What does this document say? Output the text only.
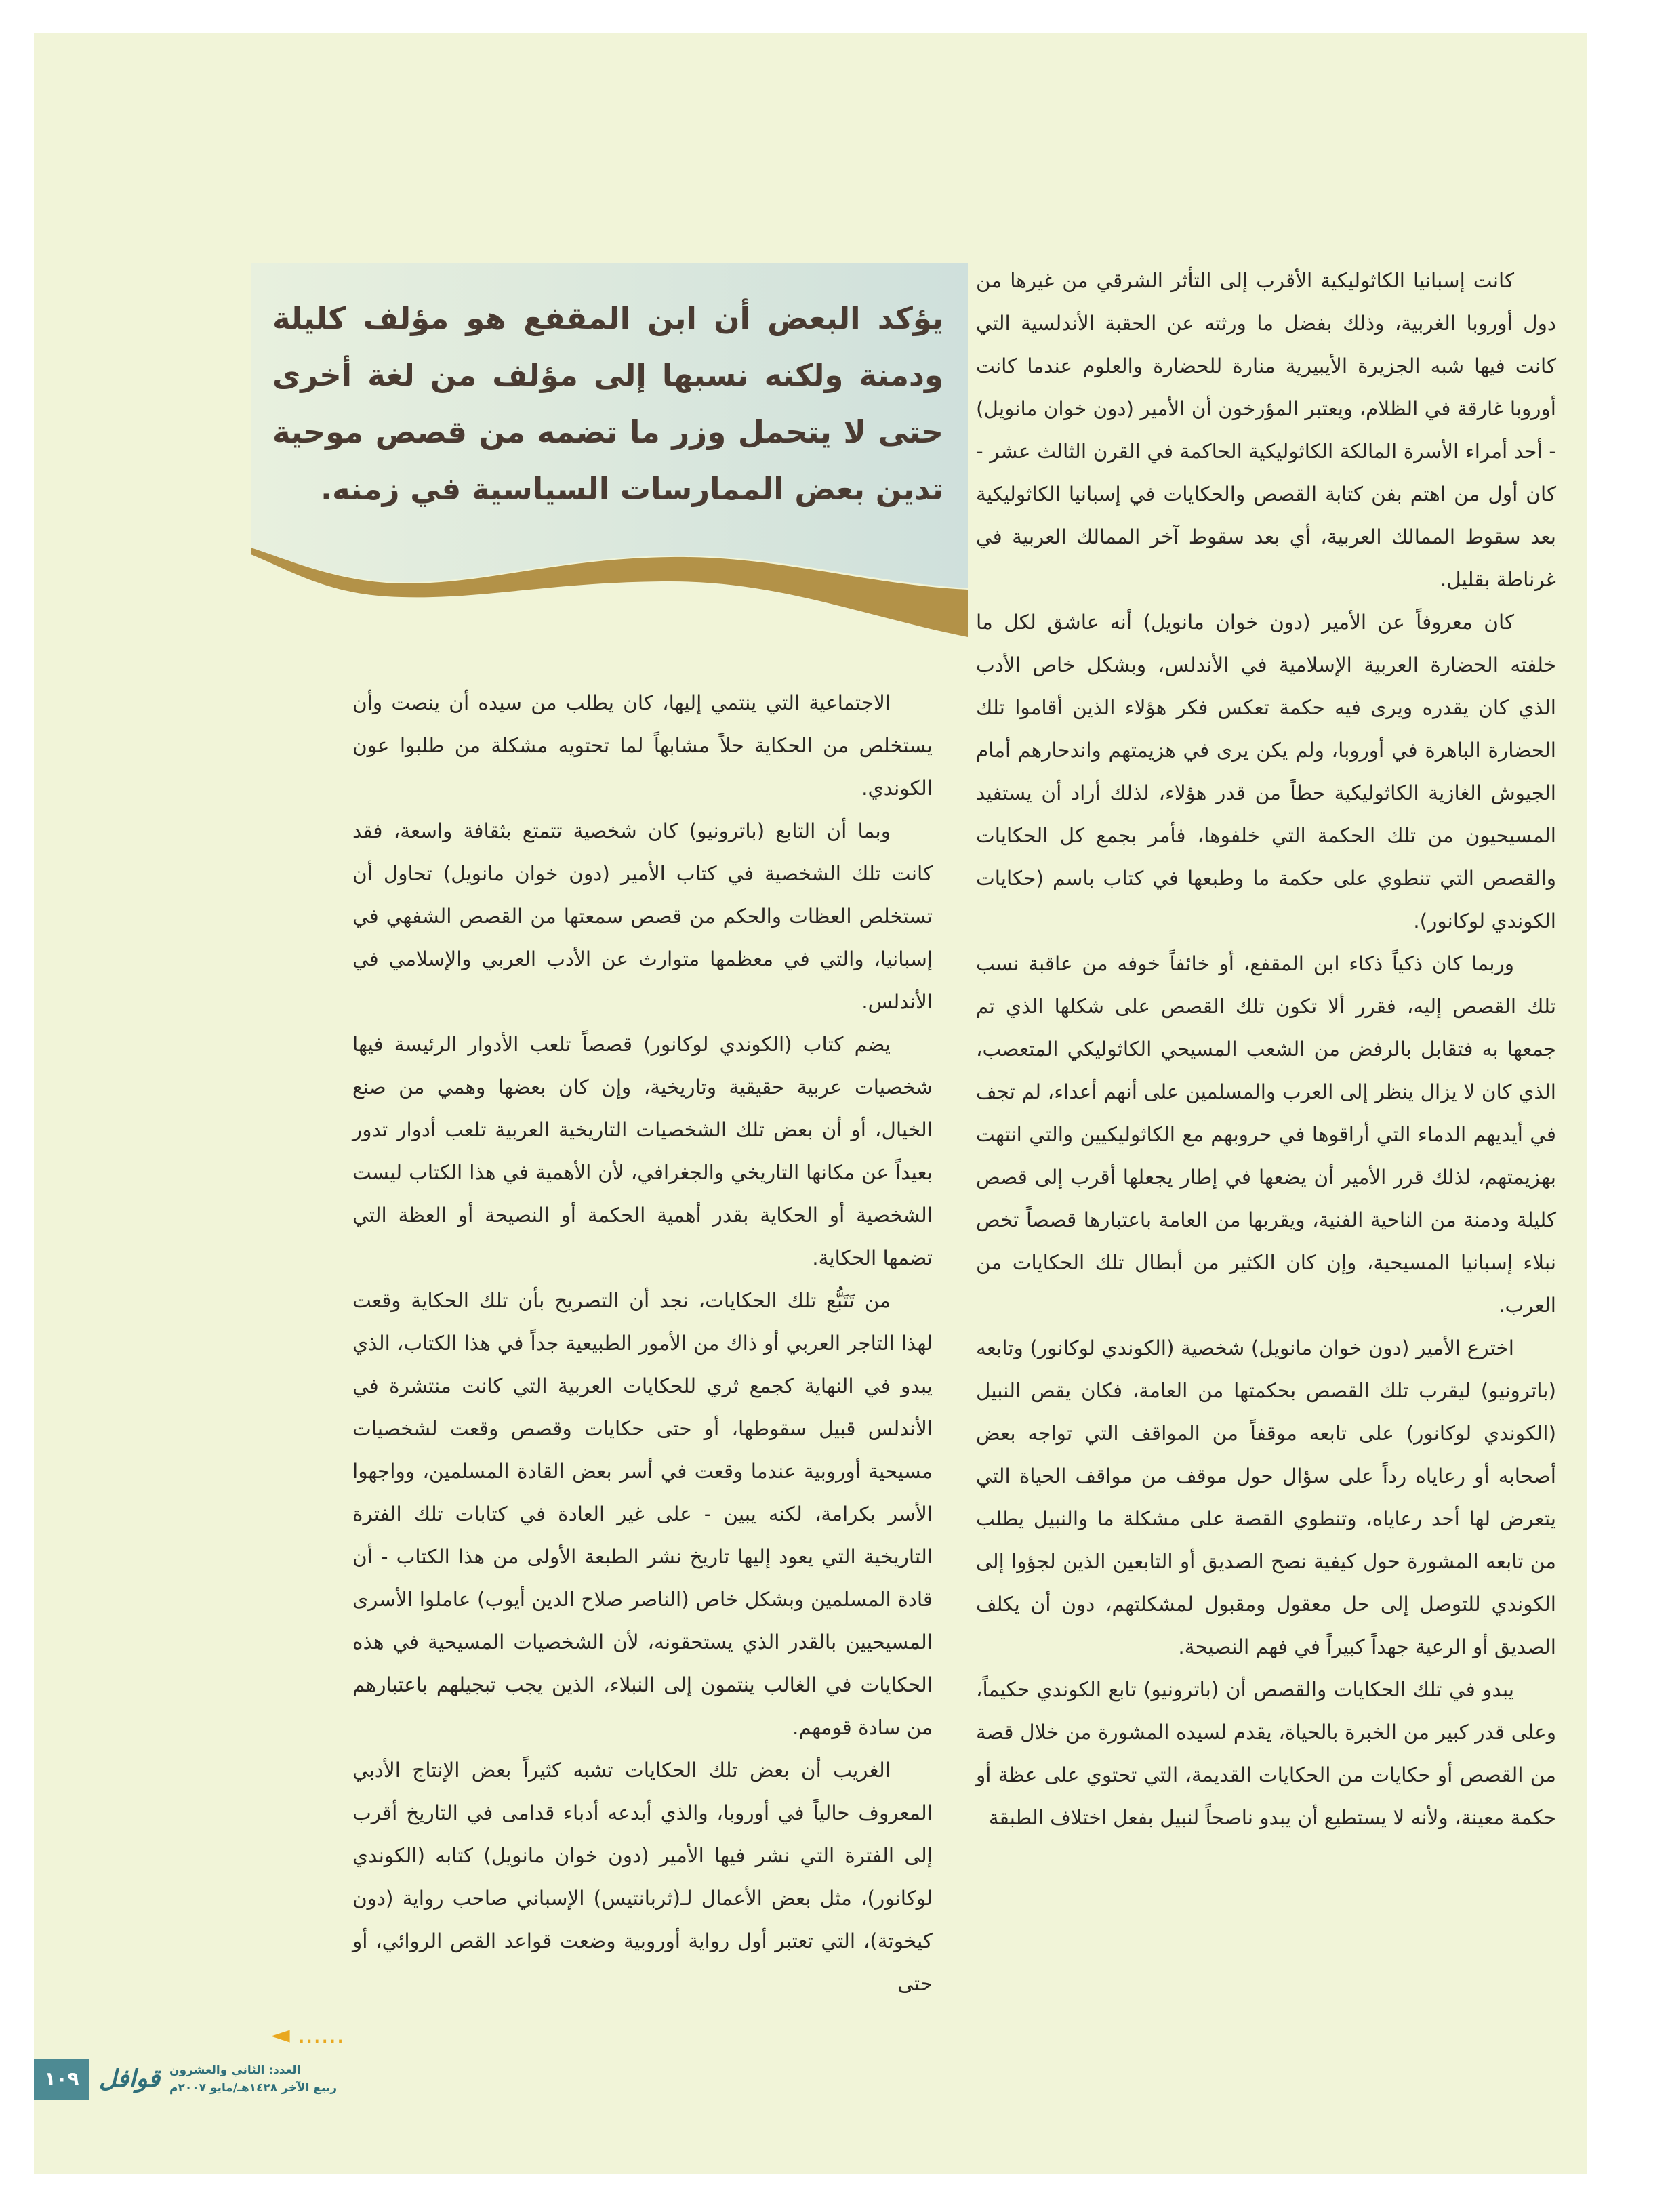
يؤكد البعض أن ابن المقفع هو مؤلف كليلة ودمنة ولكنه نسبها إلى مؤلف من لغة أخرى حتى لا يتحمل وزر ما تضمه من قصص موحية تدين بعض الممارسات السياسية في زمنه.

كانت إسبانيا الكاثوليكية الأقرب إلى التأثر الشرقي من غيرها من دول أوروبا الغربية، وذلك بفضل ما ورثته عن الحقبة الأندلسية التي كانت فيها شبه الجزيرة الأيبيرية منارة للحضارة والعلوم عندما كانت أوروبا غارقة في الظلام، ويعتبر المؤرخون أن الأمير (دون خوان مانويل) - أحد أمراء الأسرة المالكة الكاثوليكية الحاكمة في القرن الثالث عشر - كان أول من اهتم بفن كتابة القصص والحكايات في إسبانيا الكاثوليكية بعد سقوط الممالك العربية، أي بعد سقوط آخر الممالك العربية في غرناطة بقليل.

كان معروفاً عن الأمير (دون خوان مانويل) أنه عاشق لكل ما خلفته الحضارة العربية الإسلامية في الأندلس، وبشكل خاص الأدب الذي كان يقدره ويرى فيه حكمة تعكس فكر هؤلاء الذين أقاموا تلك الحضارة الباهرة في أوروبا، ولم يكن يرى في هزيمتهم واندحارهم أمام الجيوش الغازية الكاثوليكية حطاً من قدر هؤلاء، لذلك أراد أن يستفيد المسيحيون من تلك الحكمة التي خلفوها، فأمر بجمع كل الحكايات والقصص التي تنطوي على حكمة ما وطبعها في كتاب باسم (حكايات الكوندي لوكانور).

وربما كان ذكياً ذكاء ابن المقفع، أو خائفاً خوفه من عاقبة نسب تلك القصص إليه، فقرر ألا تكون تلك القصص على شكلها الذي تم جمعها به فتقابل بالرفض من الشعب المسيحي الكاثوليكي المتعصب، الذي كان لا يزال ينظر إلى العرب والمسلمين على أنهم أعداء، لم تجف في أيديهم الدماء التي أراقوها في حروبهم مع الكاثوليكيين والتي انتهت بهزيمتهم، لذلك قرر الأمير أن يضعها في إطار يجعلها أقرب إلى قصص كليلة ودمنة من الناحية الفنية، ويقربها من العامة باعتبارها قصصاً تخص نبلاء إسبانيا المسيحية، وإن كان الكثير من أبطال تلك الحكايات من العرب.

اخترع الأمير (دون خوان مانويل) شخصية (الكوندي لوكانور) وتابعه (باترونيو) ليقرب تلك القصص بحكمتها من العامة، فكان يقص النبيل (الكوندي لوكانور) على تابعه موقفاً من المواقف التي تواجه بعض أصحابه أو رعاياه رداً على سؤال حول موقف من مواقف الحياة التي يتعرض لها أحد رعاياه، وتنطوي القصة على مشكلة ما والنبيل يطلب من تابعه المشورة حول كيفية نصح الصديق أو التابعين الذين لجؤوا إلى الكوندي للتوصل إلى حل معقول ومقبول لمشكلتهم، دون أن يكلف الصديق أو الرعية جهداً كبيراً في فهم النصيحة.

يبدو في تلك الحكايات والقصص أن (باترونيو) تابع الكوندي حكيماً، وعلى قدر كبير من الخبرة بالحياة، يقدم لسيده المشورة من خلال قصة من القصص أو حكايات من الحكايات القديمة، التي تحتوي على عظة أو حكمة معينة، ولأنه لا يستطيع أن يبدو ناصحاً لنبيل بفعل اختلاف الطبقة

الاجتماعية التي ينتمي إليها، كان يطلب من سيده أن ينصت وأن يستخلص من الحكاية حلاً مشابهاً لما تحتويه مشكلة من طلبوا عون الكوندي.

وبما أن التابع (باترونيو) كان شخصية تتمتع بثقافة واسعة، فقد كانت تلك الشخصية في كتاب الأمير (دون خوان مانويل) تحاول أن تستخلص العظات والحكم من قصص سمعتها من القصص الشفهي في إسبانيا، والتي في معظمها متوارث عن الأدب العربي والإسلامي في الأندلس.

يضم كتاب (الكوندي لوكانور) قصصاً تلعب الأدوار الرئيسة فيها شخصيات عربية حقيقية وتاريخية، وإن كان بعضها وهمي من صنع الخيال، أو أن بعض تلك الشخصيات التاريخية العربية تلعب أدوار تدور بعيداً عن مكانها التاريخي والجغرافي، لأن الأهمية في هذا الكتاب ليست الشخصية أو الحكاية بقدر أهمية الحكمة أو النصيحة أو العظة التي تضمها الحكاية.

من تَتَبُّع تلك الحكايات، نجد أن التصريح بأن تلك الحكاية وقعت لهذا التاجر العربي أو ذاك من الأمور الطبيعية جداً في هذا الكتاب، الذي يبدو في النهاية كجمع ثري للحكايات العربية التي كانت منتشرة في الأندلس قبيل سقوطها، أو حتى حكايات وقصص وقعت لشخصيات مسيحية أوروبية عندما وقعت في أسر بعض القادة المسلمين، وواجهوا الأسر بكرامة، لكنه يبين - على غير العادة في كتابات تلك الفترة التاريخية التي يعود إليها تاريخ نشر الطبعة الأولى من هذا الكتاب - أن قادة المسلمين وبشكل خاص (الناصر صلاح الدين أيوب) عاملوا الأسرى المسيحيين بالقدر الذي يستحقونه، لأن الشخصيات المسيحية في هذه الحكايات في الغالب ينتمون إلى النبلاء، الذين يجب تبجيلهم باعتبارهم من سادة قومهم.

الغريب أن بعض تلك الحكايات تشبه كثيراً بعض الإنتاج الأدبي المعروف حالياً في أوروبا، والذي أبدعه أدباء قدامى في التاريخ أقرب إلى الفترة التي نشر فيها الأمير (دون خوان مانويل) كتابه (الكوندي لوكانور)، مثل بعض الأعمال لـ(ثربانتيس) الإسباني صاحب رواية (دون كيخوتة)، التي تعتبر أول رواية أوروبية وضعت قواعد القص الروائي، أو حتى

◄ ......
١٠٩ قوافل العدد: الثاني والعشرون
ربيع الآخر ١٤٢٨هـ/مايو ٢٠٠٧م
